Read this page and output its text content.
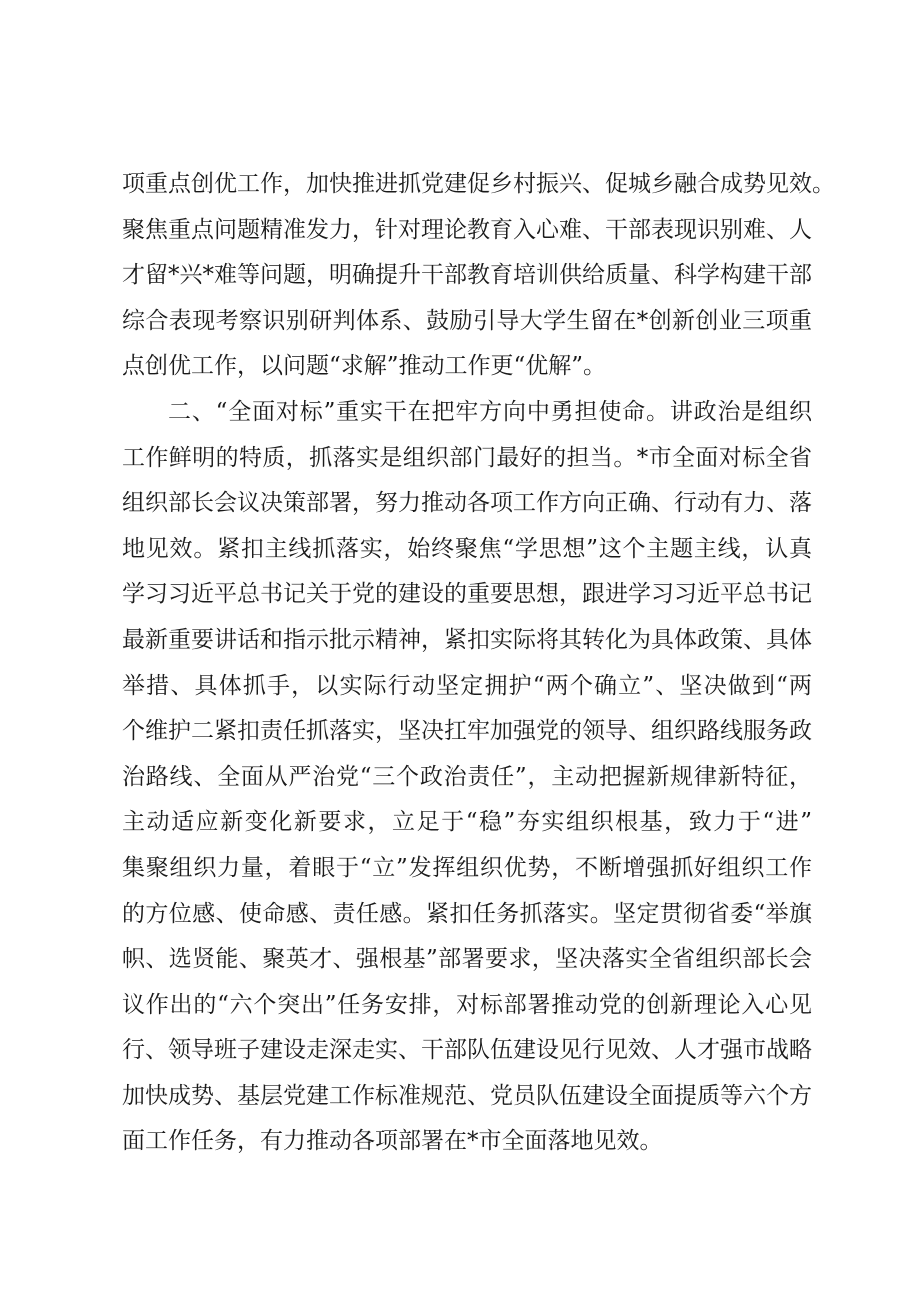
项重点创优工作，加快推进抓党建促乡村振兴、促城乡融合成势见效。
聚焦重点问题精准发力，针对理论教育入心难、干部表现识别难、人
才留*兴*难等问题，明确提升干部教育培训供给质量、科学构建干部
综合表现考察识别研判体系、鼓励引导大学生留在*创新创业三项重
点创优工作，以问题“求解”推动工作更“优解”。
二、“全面对标”重实干在把牢方向中勇担使命。讲政治是组织
工作鲜明的特质，抓落实是组织部门最好的担当。*市全面对标全省
组织部长会议决策部署，努力推动各项工作方向正确、行动有力、落
地见效。紧扣主线抓落实，始终聚焦“学思想”这个主题主线，认真
学习习近平总书记关于党的建设的重要思想，跟进学习习近平总书记
最新重要讲话和指示批示精神，紧扣实际将其转化为具体政策、具体
举措、具体抓手，以实际行动坚定拥护“两个确立”、坚决做到“两
个维护二紧扣责任抓落实，坚决扛牢加强党的领导、组织路线服务政
治路线、全面从严治党“三个政治责任”，主动把握新规律新特征，
主动适应新变化新要求，立足于“稳”夯实组织根基，致力于“进”
集聚组织力量，着眼于“立”发挥组织优势，不断增强抓好组织工作
的方位感、使命感、责任感。紧扣任务抓落实。坚定贯彻省委“举旗
帜、选贤能、聚英才、强根基”部署要求，坚决落实全省组织部长会
议作出的“六个突出”任务安排，对标部署推动党的创新理论入心见
行、领导班子建设走深走实、干部队伍建设见行见效、人才强市战略
加快成势、基层党建工作标准规范、党员队伍建设全面提质等六个方
面工作任务，有力推动各项部署在*市全面落地见效。
